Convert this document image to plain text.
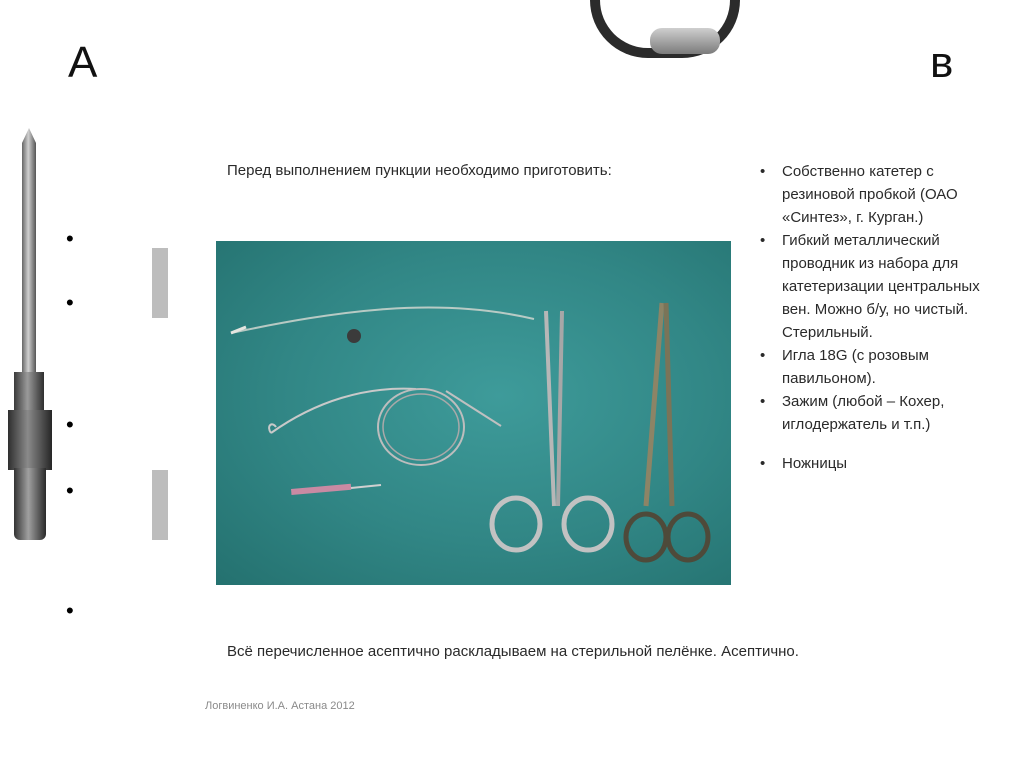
А	в
•
•
•
•
•
Перед выполнением пункции необходимо приготовить:
•	Собственно катетер с резиновой пробкой (ОАО «Синтез», г. Курган.)
• Гибкий металлический проводник из набора для катетеризации центральных вен. Можно б/у, но чистый. Стерильный.
• Игла 18G (с розовым павильоном).
• Зажим (любой – Кохер, иглодержатель и т.п.)
• Ножницы
Всё перечисленное асептично раскладываем на стерильной пелёнке. Асептично.
Логвиненко И.А. Астана 2012
